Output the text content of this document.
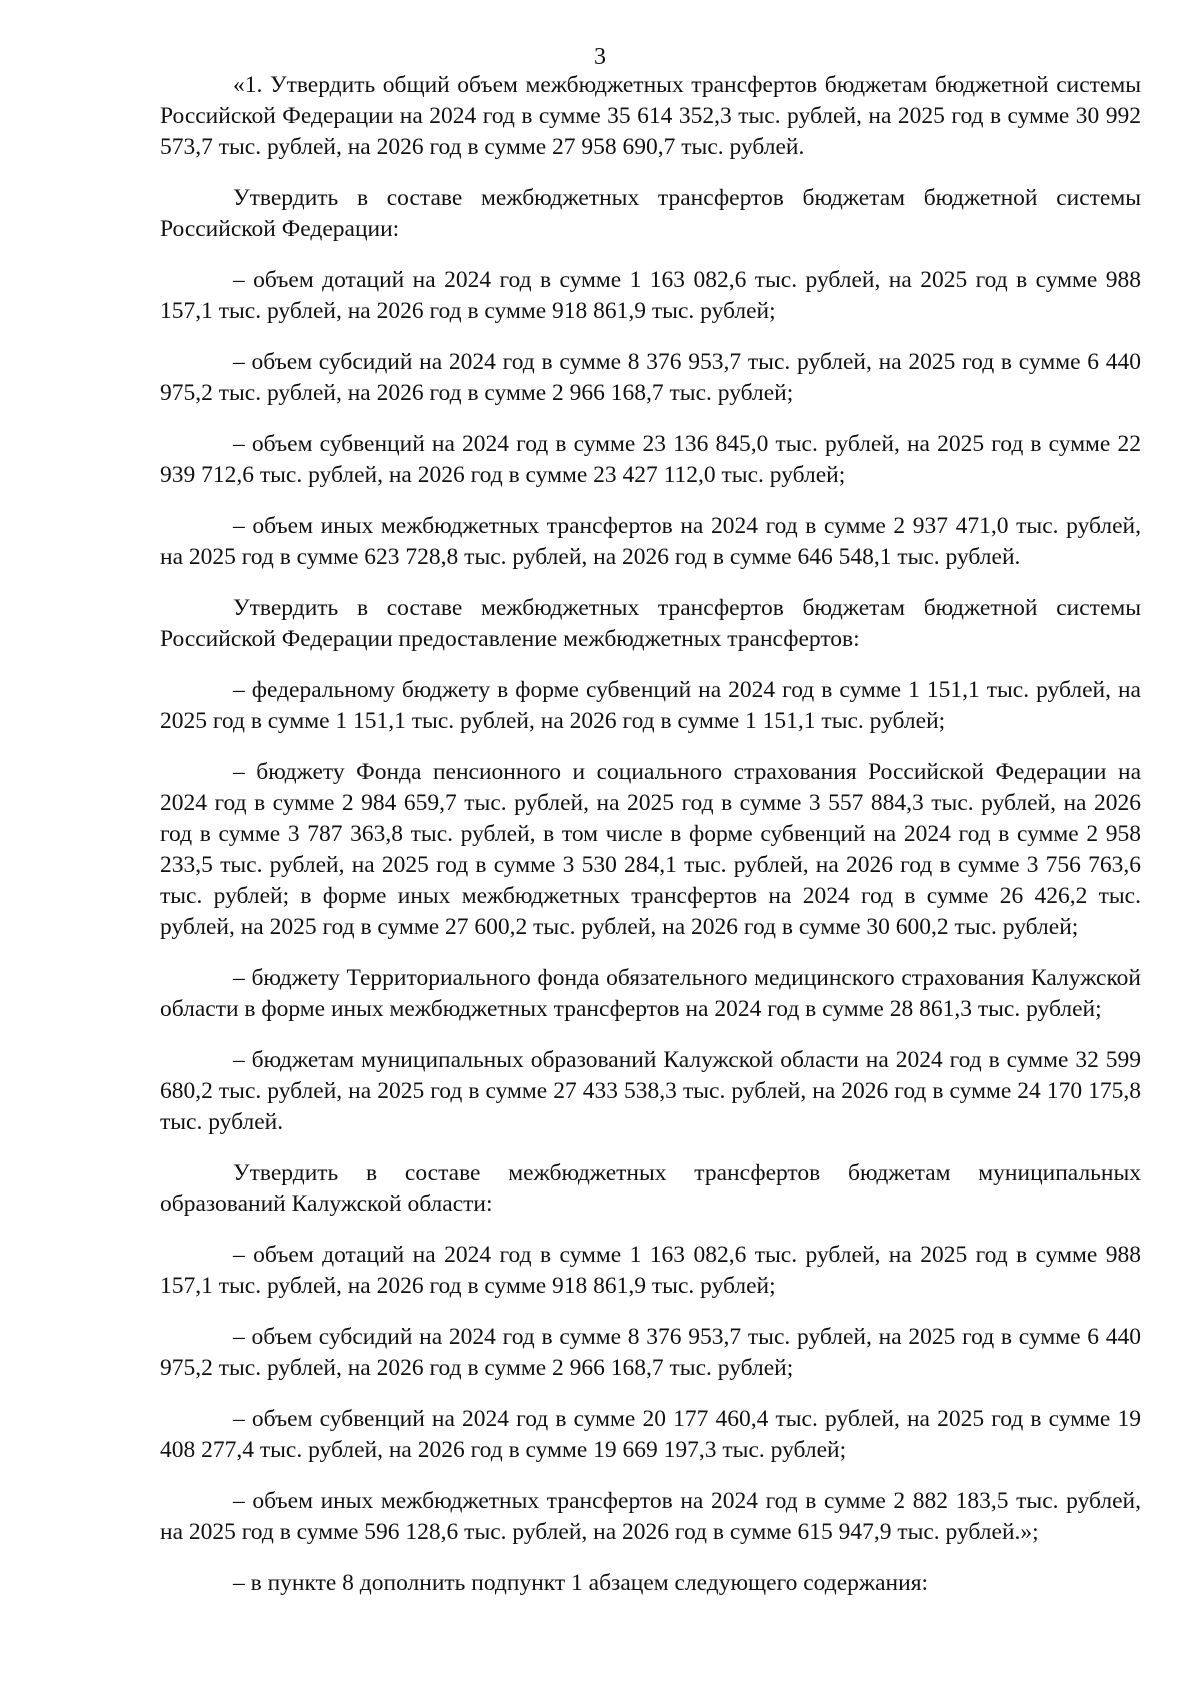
3

«1. Утвердить общий объем межбюджетных трансфертов бюджетам бюджетной системы Российской Федерации на 2024 год в сумме 35 614 352,3 тыс. рублей, на 2025 год в сумме 30 992 573,7 тыс. рублей, на 2026 год в сумме 27 958 690,7 тыс. рублей.

Утвердить в составе межбюджетных трансфертов бюджетам бюджетной системы Российской Федерации:

– объем дотаций на 2024 год в сумме 1 163 082,6 тыс. рублей, на 2025 год в сумме 988 157,1 тыс. рублей, на 2026 год в сумме 918 861,9 тыс. рублей;

– объем субсидий на 2024 год в сумме 8 376 953,7 тыс. рублей, на 2025 год в сумме 6 440 975,2 тыс. рублей, на 2026 год в сумме 2 966 168,7 тыс. рублей;

– объем субвенций на 2024 год в сумме 23 136 845,0 тыс. рублей, на 2025 год в сумме 22 939 712,6 тыс. рублей, на 2026 год в сумме 23 427 112,0 тыс. рублей;

– объем иных межбюджетных трансфертов на 2024 год в сумме 2 937 471,0 тыс. рублей, на 2025 год в сумме 623 728,8 тыс. рублей, на 2026 год в сумме 646 548,1 тыс. рублей.

Утвердить в составе межбюджетных трансфертов бюджетам бюджетной системы Российской Федерации предоставление межбюджетных трансфертов:

– федеральному бюджету в форме субвенций на 2024 год в сумме 1 151,1 тыс. рублей, на 2025 год в сумме 1 151,1 тыс. рублей, на 2026 год в сумме 1 151,1 тыс. рублей;

– бюджету Фонда пенсионного и социального страхования Российской Федерации на 2024 год в сумме 2 984 659,7 тыс. рублей, на 2025 год в сумме 3 557 884,3 тыс. рублей, на 2026 год в сумме 3 787 363,8 тыс. рублей, в том числе в форме субвенций на 2024 год в сумме 2 958 233,5 тыс. рублей, на 2025 год в сумме 3 530 284,1 тыс. рублей, на 2026 год в сумме 3 756 763,6 тыс. рублей; в форме иных межбюджетных трансфертов на 2024 год в сумме 26 426,2 тыс. рублей, на 2025 год в сумме 27 600,2 тыс. рублей, на 2026 год в сумме 30 600,2 тыс. рублей;

– бюджету Территориального фонда обязательного медицинского страхования Калужской области в форме иных межбюджетных трансфертов на 2024 год в сумме 28 861,3 тыс. рублей;

– бюджетам муниципальных образований Калужской области на 2024 год в сумме 32 599 680,2 тыс. рублей, на 2025 год в сумме 27 433 538,3 тыс. рублей, на 2026 год в сумме 24 170 175,8 тыс. рублей.

Утвердить в составе межбюджетных трансфертов бюджетам муниципальных образований Калужской области:

– объем дотаций на 2024 год в сумме 1 163 082,6 тыс. рублей, на 2025 год в сумме 988 157,1 тыс. рублей, на 2026 год в сумме 918 861,9 тыс. рублей;

– объем субсидий на 2024 год в сумме 8 376 953,7 тыс. рублей, на 2025 год в сумме 6 440 975,2 тыс. рублей, на 2026 год в сумме 2 966 168,7 тыс. рублей;

– объем субвенций на 2024 год в сумме 20 177 460,4 тыс. рублей, на 2025 год в сумме 19 408 277,4 тыс. рублей, на 2026 год в сумме 19 669 197,3 тыс. рублей;

– объем иных межбюджетных трансфертов на 2024 год в сумме 2 882 183,5 тыс. рублей, на 2025 год в сумме 596 128,6 тыс. рублей, на 2026 год в сумме 615 947,9 тыс. рублей.»;

– в пункте 8 дополнить подпункт 1 абзацем следующего содержания:
